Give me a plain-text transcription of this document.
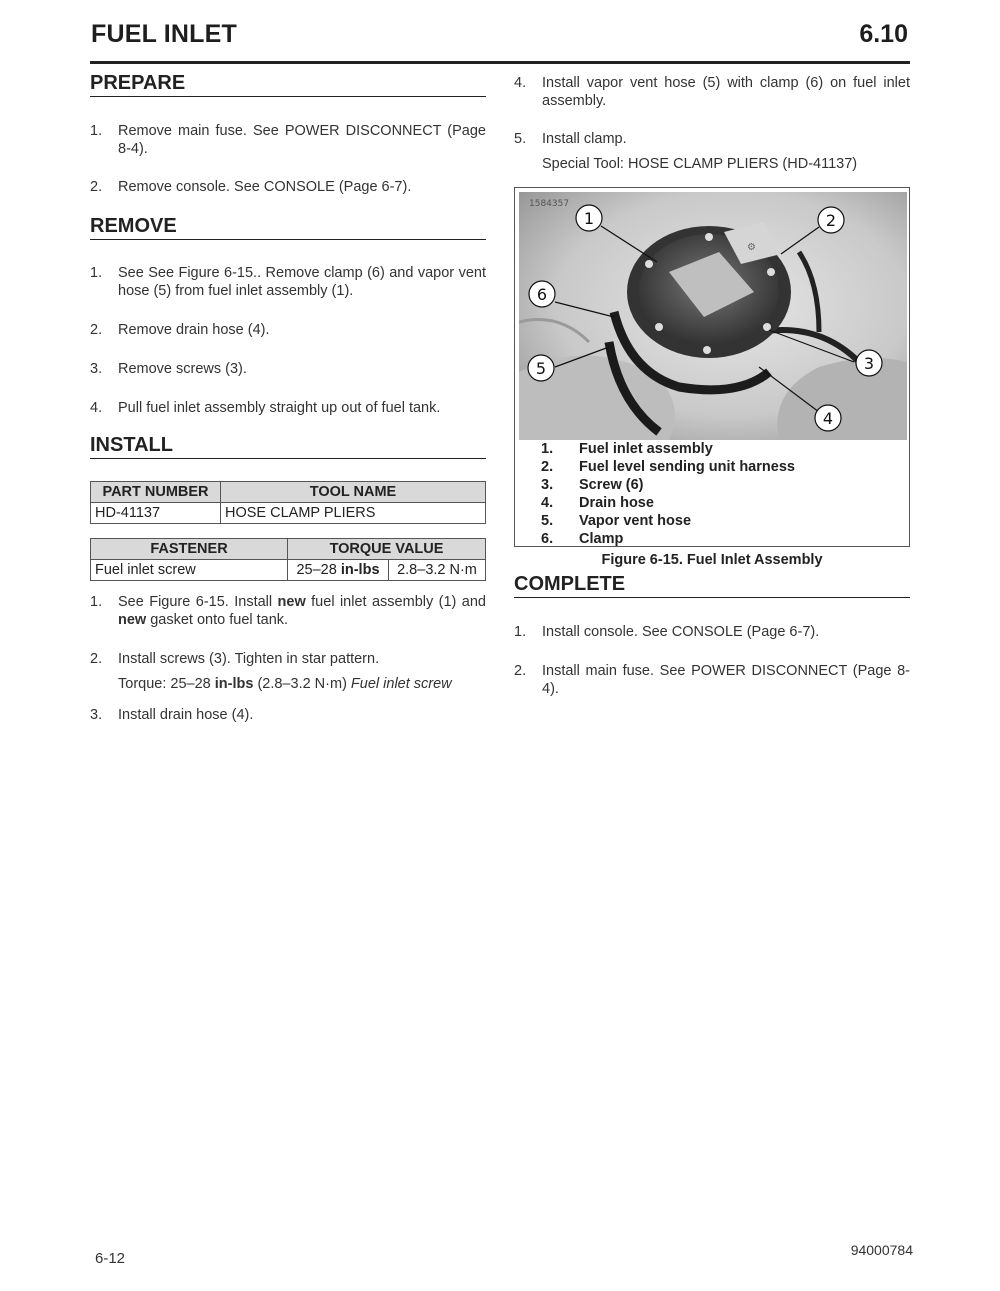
FUEL INLET	6.10
PREPARE
1. Remove main fuse. See POWER DISCONNECT (Page 8-4).
2. Remove console. See CONSOLE (Page 6-7).
REMOVE
1. See See Figure 6-15.. Remove clamp (6) and vapor vent hose (5) from fuel inlet assembly (1).
2. Remove drain hose (4).
3. Remove screws (3).
4. Pull fuel inlet assembly straight up out of fuel tank.
INSTALL
PART NUMBER	TOOL NAME
HD-41137	HOSE CLAMP PLIERS
FASTENER	TORQUE VALUE	
Fuel inlet screw	25–28 in-lbs	2.8–3.2 N·m
1. See Figure 6-15. Install new fuel inlet assembly (1) and new gasket onto fuel tank.
2. Install screws (3). Tighten in star pattern.
Torque: 25–28 in-lbs (2.8–3.2 N·m) Fuel inlet screw
3. Install drain hose (4).
4. Install vapor vent hose (5) with clamp (6) on fuel inlet assembly.
5. Install clamp.
Special Tool: HOSE CLAMP PLIERS (HD-41137)
⚙
1584357
1	2
3
4
5
6
1.	Fuel inlet assembly
2.	Fuel level sending unit harness
3.	Screw (6)
4.	Drain hose
5.	Vapor vent hose
6.	Clamp
Figure 6-15. Fuel Inlet Assembly
COMPLETE
1. Install console. See CONSOLE (Page 6-7).
2. Install main fuse. See POWER DISCONNECT (Page 8-4).
6-12	94000784
